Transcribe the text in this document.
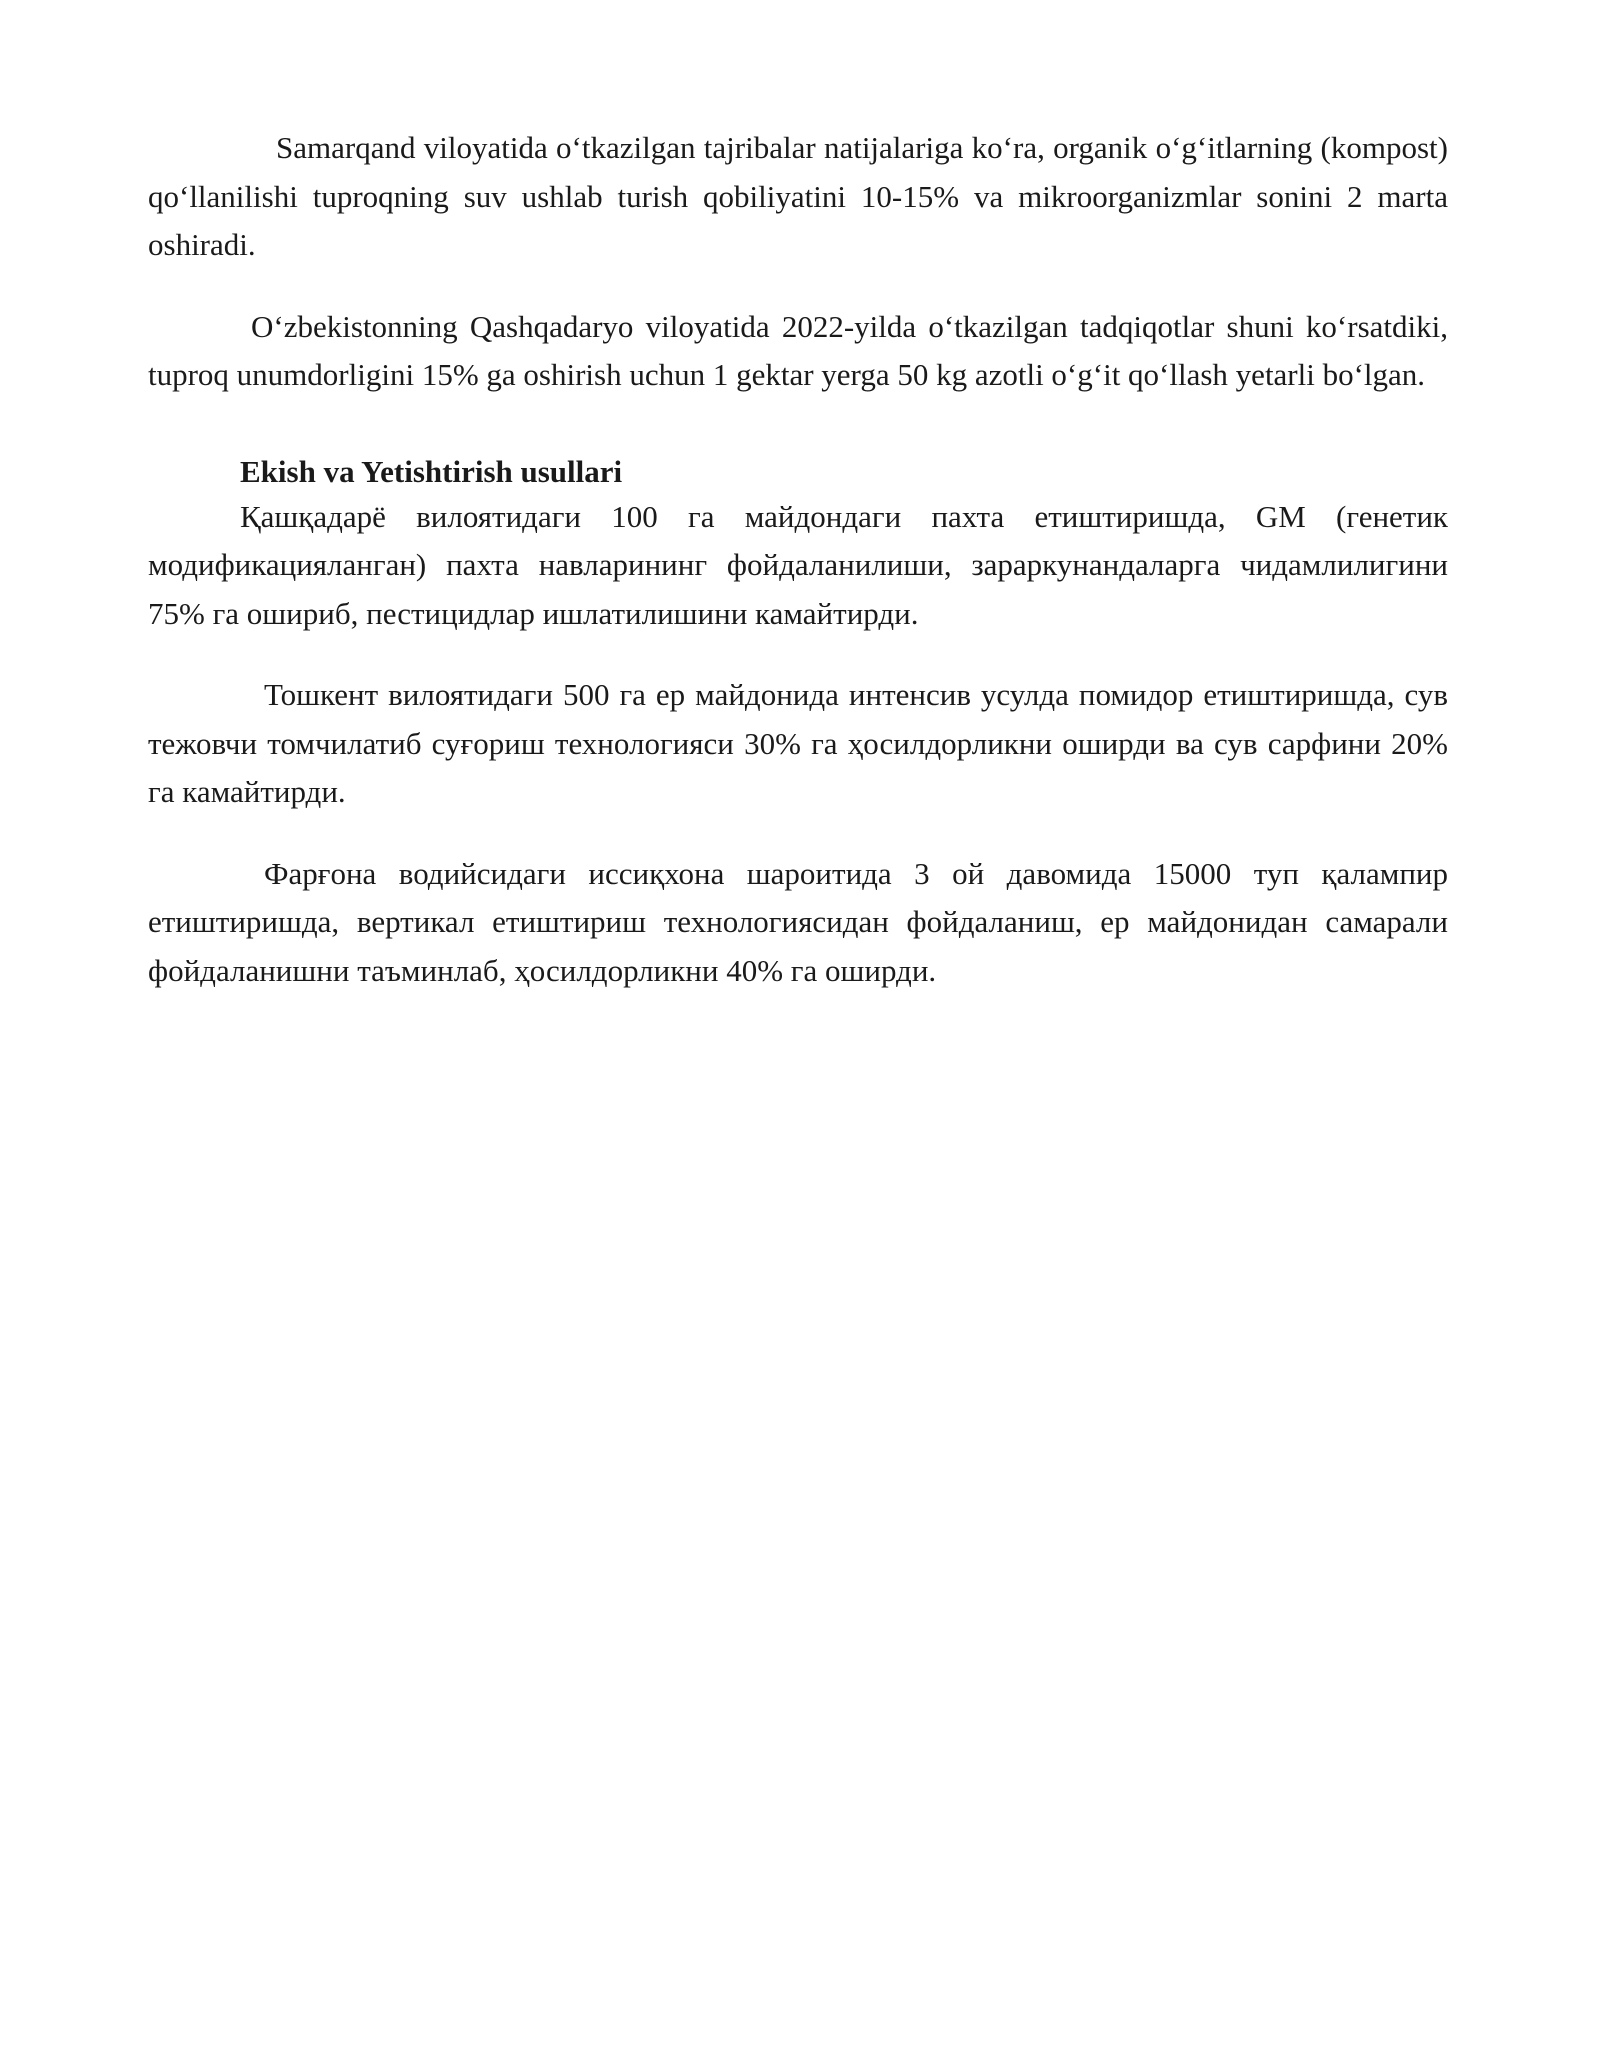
Samarqand viloyatida o‘tkazilgan tajribalar natijalariga ko‘ra, organik o‘g‘itlarning (kompost) qo‘llanilishi tuproqning suv ushlab turish qobiliyatini 10-15% va mikroorganizmlar sonini 2 marta oshiradi.

O‘zbekistonning Qashqadaryo viloyatida 2022-yilda o‘tkazilgan tadqiqotlar shuni ko‘rsatdiki, tuproq unumdorligini 15% ga oshirish uchun 1 gektar yerga 50 kg azotli o‘g‘it qo‘llash yetarli bo‘lgan.

Ekish va Yetishtirish usullari

Қашқадарё вилоятидаги 100 га майдондаги пахта етиштиришда, GM (генетик модификацияланган) пахта навларининг фойдаланилиши, зараркунандаларга чидамлилигини 75% га ошириб, пестицидлар ишлатилишини камайтирди.

Тошкент вилоятидаги 500 га ер майдонида интенсив усулда помидор етиштиришда, сув тежовчи томчилатиб суғориш технологияси 30% га ҳосилдорликни оширди ва сув сарфини 20% га камайтирди.

Фарғона водийсидаги иссиқхона шароитида 3 ой давомида 15000 туп қалампир етиштиришда, вертикал етиштириш технологиясидан фойдаланиш, ер майдонидан самарали фойдаланишни таъминлаб, ҳосилдорликни 40% га оширди.
